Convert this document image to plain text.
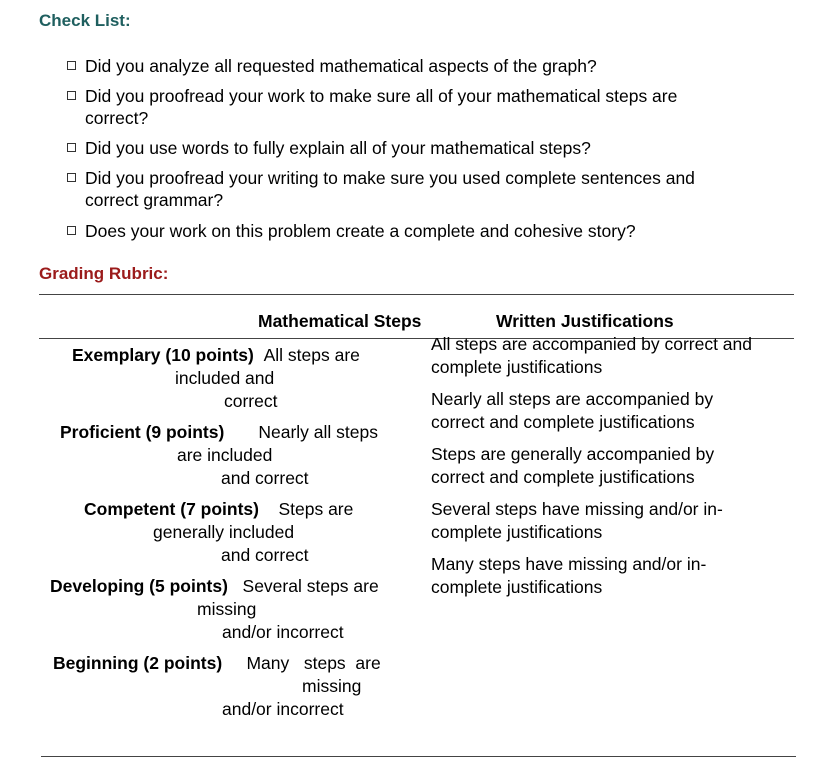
Check List:
Did you analyze all requested mathematical aspects of the graph?
Did you proofread your work to make sure all of your mathematical steps are
correct?
Did you use words to fully explain all of your mathematical steps?
Did you proofread your writing to make sure you used complete sentences and
correct grammar?
Does your work on this problem create a complete and cohesive story?
Grading Rubric:
Mathematical Steps	Written Justifications
Exemplary (10 points) All steps are
included and
correct
Proficient (9 points) Nearly all steps
are included
and correct
Competent (7 points) Steps are
generally included
and correct
Developing (5 points) Several steps are
missing
and/or incorrect
Beginning (2 points) Many   steps  are
missing
and/or incorrect
All steps are accompanied by correct and
complete justifications
Nearly all steps are accompanied by
correct and complete justifications
Steps are generally accompanied by
correct and complete justifications
Several steps have missing and/or in-
complete justifications
Many steps have missing and/or in-
complete justifications
